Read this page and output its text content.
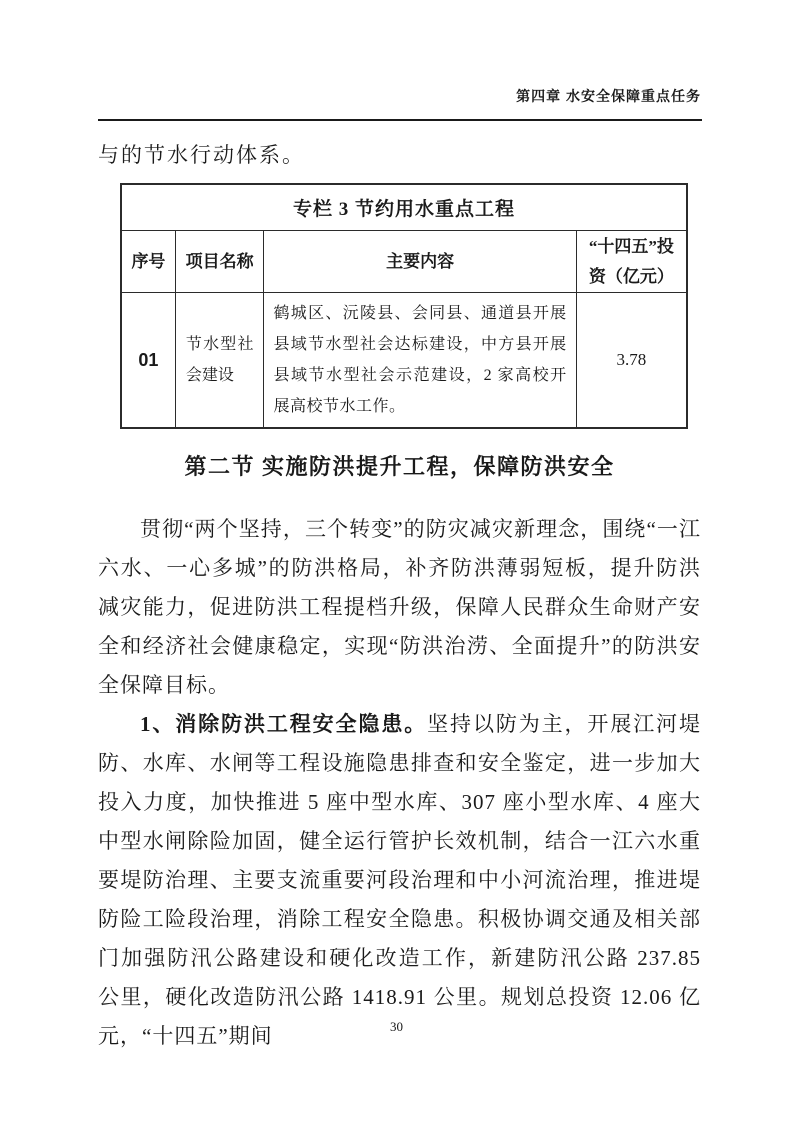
第四章 水安全保障重点任务

与的节水行动体系。

专栏 3 节约用水重点工程			
序号	项目名称	主要内容	“十四五”投资（亿元）
01	节水型社会建设	鹤城区、沅陵县、会同县、通道县开展县域节水型社会达标建设，中方县开展县域节水型社会示范建设，2 家高校开展高校节水工作。	3.78
第二节 实施防洪提升工程，保障防洪安全

贯彻“两个坚持，三个转变”的防灾减灾新理念，围绕“一江六水、一心多城”的防洪格局，补齐防洪薄弱短板，提升防洪减灾能力，促进防洪工程提档升级，保障人民群众生命财产安全和经济社会健康稳定，实现“防洪治涝、全面提升”的防洪安全保障目标。

1、消除防洪工程安全隐患。坚持以防为主，开展江河堤防、水库、水闸等工程设施隐患排查和安全鉴定，进一步加大投入力度，加快推进 5 座中型水库、307 座小型水库、4 座大中型水闸除险加固，健全运行管护长效机制，结合一江六水重要堤防治理、主要支流重要河段治理和中小河流治理，推进堤防险工险段治理，消除工程安全隐患。积极协调交通及相关部门加强防汛公路建设和硬化改造工作，新建防汛公路 237.85 公里，硬化改造防汛公路 1418.91 公里。规划总投资 12.06 亿元，“十四五”期间	30
